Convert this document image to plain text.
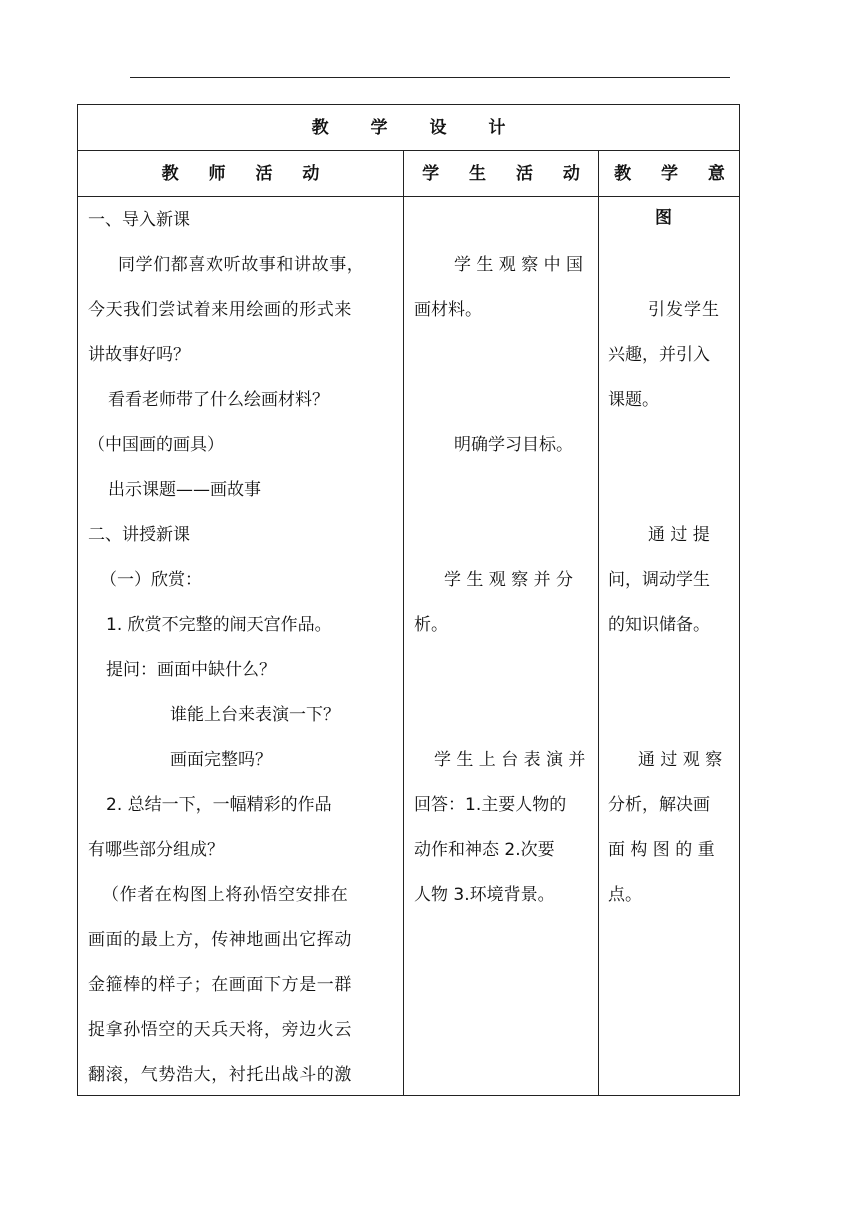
教 学 设 计
教 师 活 动	学 生 活 动	教 学 意 图
一、导入新课
同学们都喜欢听故事和讲故事，
今天我们尝试着来用绘画的形式来
讲故事好吗？
看看老师带了什么绘画材料？
（中国画的画具）
出示课题——画故事
二、讲授新课
（一）欣赏：
1. 欣赏不完整的闹天宫作品。
提问：画面中缺什么？
谁能上台来表演一下？
画面完整吗？
2. 总结一下，一幅精彩的作品
有哪些部分组成？
（作者在构图上将孙悟空安排在
画面的最上方，传神地画出它挥动
金箍棒的样子；在画面下方是一群
捉拿孙悟空的天兵天将，旁边火云
翻滚，气势浩大，衬托出战斗的激
学 生 观 察 中 国
画材料。
明确学习目标。
学 生 观 察 并 分
析。
学 生 上 台 表 演 并
回答：1.主要人物的
动作和神态 2.次要
人物 3.环境背景。
引发学生
兴趣，并引入
课题。
通 过 提
问，调动学生
的知识储备。
通 过 观 察
分析，解决画
面 构 图 的 重
点。
